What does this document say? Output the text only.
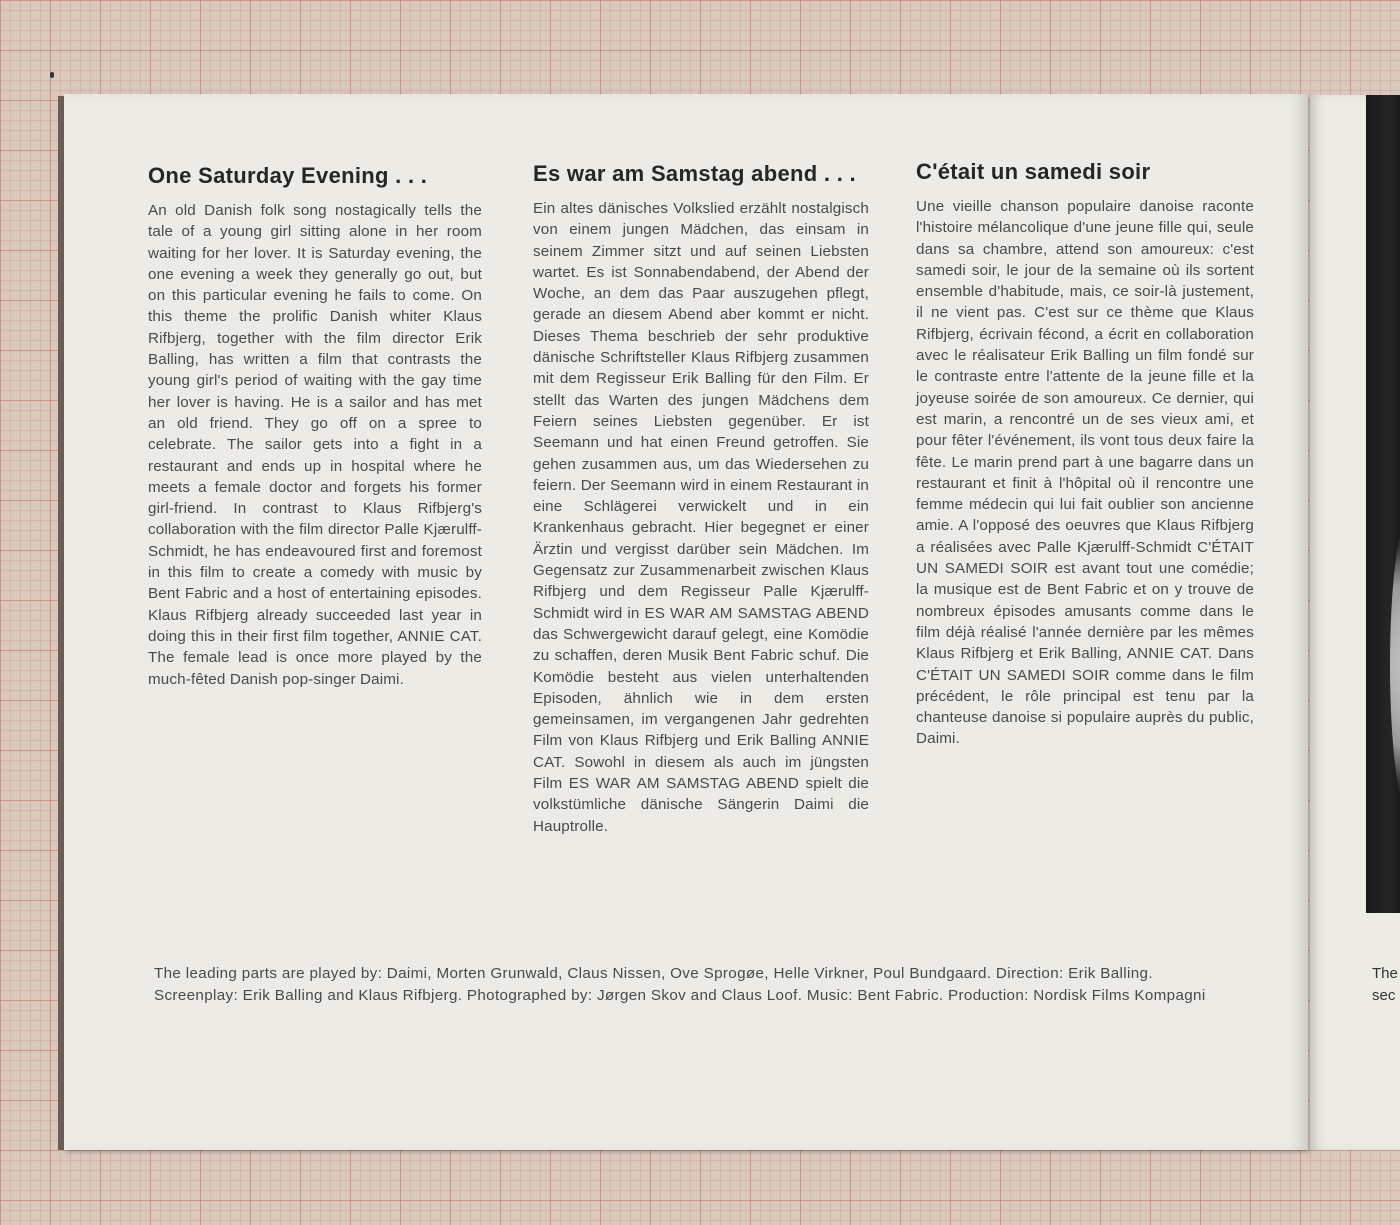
One Saturday Evening . . .

An old Danish folk song nostagically tells the tale of a young girl sitting alone in her room waiting for her lover. It is Saturday evening, the one evening a week they generally go out, but on this particular evening he fails to come. On this theme the prolific Danish whiter Klaus Rifbjerg, together with the film director Erik Balling, has written a film that contrasts the young girl's period of waiting with the gay time her lover is having. He is a sailor and has met an old friend. They go off on a spree to celebrate. The sailor gets into a fight in a restaurant and ends up in hospital where he meets a female doctor and forgets his former girl-friend. In contrast to Klaus Rifbjerg's collaboration with the film director Palle Kjærulff-Schmidt, he has endeavoured first and foremost in this film to create a comedy with music by Bent Fabric and a host of entertaining episodes. Klaus Rifbjerg already succeeded last year in doing this in their first film together, ANNIE CAT. The female lead is once more played by the much-fêted Danish pop-singer Daimi.

Es war am Samstag abend . . .

Ein altes dänisches Volkslied erzählt nostalgisch von einem jungen Mädchen, das einsam in seinem Zimmer sitzt und auf seinen Liebsten wartet. Es ist Sonnabendabend, der Abend der Woche, an dem das Paar auszugehen pflegt, gerade an diesem Abend aber kommt er nicht. Dieses Thema beschrieb der sehr produktive dänische Schriftsteller Klaus Rifbjerg zusammen mit dem Regisseur Erik Balling für den Film. Er stellt das Warten des jungen Mädchens dem Feiern seines Liebsten gegenüber. Er ist Seemann und hat einen Freund getroffen. Sie gehen zusammen aus, um das Wiedersehen zu feiern. Der Seemann wird in einem Restaurant in eine Schlägerei verwickelt und in ein Krankenhaus gebracht. Hier begegnet er einer Ärztin und vergisst darüber sein Mädchen. Im Gegensatz zur Zusammenarbeit zwischen Klaus Rifbjerg und dem Regisseur Palle Kjærulff-Schmidt wird in ES WAR AM SAMSTAG ABEND das Schwergewicht darauf gelegt, eine Komödie zu schaffen, deren Musik Bent Fabric schuf. Die Komödie besteht aus vielen unterhaltenden Episoden, ähnlich wie in dem ersten gemeinsamen, im vergangenen Jahr gedrehten Film von Klaus Rifbjerg und Erik Balling ANNIE CAT. Sowohl in diesem als auch im jüngsten Film ES WAR AM SAMSTAG ABEND spielt die volkstümliche dänische Sängerin Daimi die Hauptrolle.

C'était un samedi soir

Une vieille chanson populaire danoise raconte l'histoire mélancolique d'une jeune fille qui, seule dans sa chambre, attend son amoureux: c'est samedi soir, le jour de la semaine où ils sortent ensemble d'habitude, mais, ce soir-là justement, il ne vient pas. C'est sur ce thème que Klaus Rifbjerg, écrivain fécond, a écrit en collaboration avec le réalisateur Erik Balling un film fondé sur le contraste entre l'attente de la jeune fille et la joyeuse soirée de son amoureux. Ce dernier, qui est marin, a rencontré un de ses vieux ami, et pour fêter l'événement, ils vont tous deux faire la fête. Le marin prend part à une bagarre dans un restaurant et finit à l'hôpital où il rencontre une femme médecin qui lui fait oublier son ancienne amie. A l'opposé des oeuvres que Klaus Rifbjerg a réalisées avec Palle Kjærulff-Schmidt C'ÉTAIT UN SAMEDI SOIR est avant tout une comédie; la musique est de Bent Fabric et on y trouve de nombreux épisodes amusants comme dans le film déjà réalisé l'année dernière par les mêmes Klaus Rifbjerg et Erik Balling, ANNIE CAT. Dans C'ÉTAIT UN SAMEDI SOIR comme dans le film précédent, le rôle principal est tenu par la chanteuse danoise si populaire auprès du public, Daimi.

The leading parts are played by: Daimi, Morten Grunwald, Claus Nissen, Ove Sprogøe, Helle Virkner, Poul Bundgaard. Direction: Erik Balling. Screenplay: Erik Balling and Klaus Rifbjerg. Photographed by: Jørgen Skov and Claus Loof. Music: Bent Fabric. Production: Nordisk Films Kompagni

The
sec
